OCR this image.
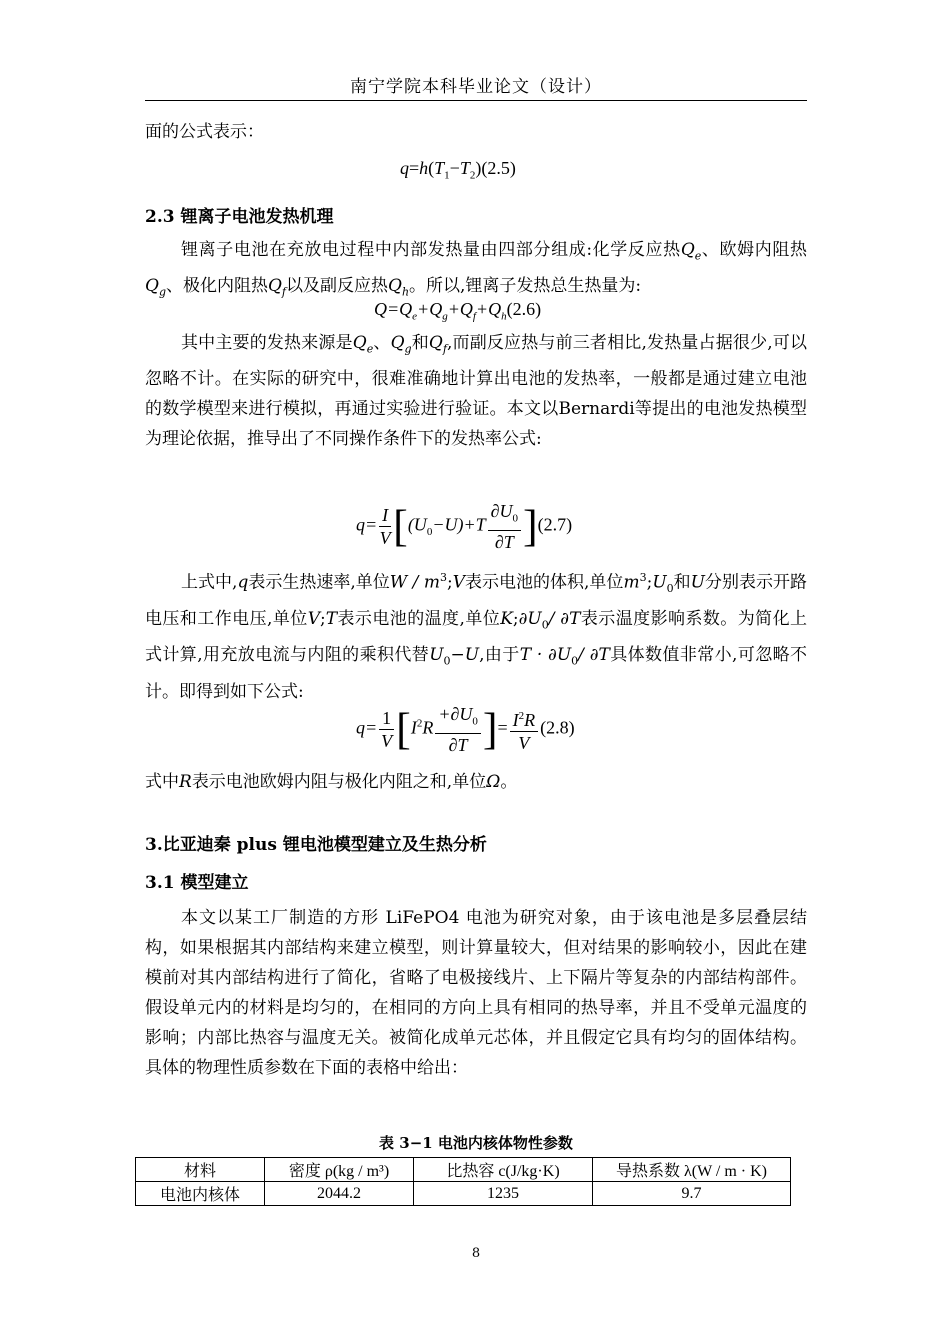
南宁学院本科毕业论文（设计）
面的公式表示：
$q=h(T_1-T_2)(2.5)$
2.3 锂离子电池发热机理
锂离子电池在充放电过程中内部发热量由四部分组成:化学反应热$Q_e$、欧姆内阻热$Q_g$、极化内阻热$Q_f$以及副反应热$Q_h$。所以,锂离子发热总生热量为:
$Q=Q_e+Q_g+Q_f+Q_h(2.6)$
其中主要的发热来源是$Q_e$、$Q_g$和$Q_f$,而副反应热与前三者相比,发热量占据很少,可以忽略不计。在实际的研究中，很难准确地计算出电池的发热率，一般都是通过建立电池的数学模型来进行模拟，再通过实验进行验证。本文以Bernardi等提出的电池发热模型为理论依据，推导出了不同操作条件下的发热率公式:
$q= \frac{I}{V} [(U_0-U)+T \frac{\partial U_0}{\partial T} ](2.7)$
上式中,q表示生热速率,单位W / $m^3;V$表示电池的体积,单位$m^3;U_0$和U分别表示开路电压和工作电压,单位V;T表示电池的温度,单位$K;\partial U_0/$ ∂T表示温度影响系数。为简化上式计算,用充放电流与内阻的乘积代替$U_0-U$,由于$T \cdot \partial U_0/$ ∂T具体数值非常小,可忽略不计。即得到如下公式:
$q= \frac{1}{V} [I^2R \frac{+\partial U_0}{\partial T}$ ]= $\frac{I^2R}{V} (2.8)$
式中R表示电池欧姆内阻与极化内阻之和,单位Ω。
3.比亚迪秦 plus 锂电池模型建立及生热分析
3.1 模型建立
本文以某工厂制造的方形 LiFePO4 电池为研究对象，由于该电池是多层叠层结构，如果根据其内部结构来建立模型，则计算量较大，但对结果的影响较小，因此在建模前对其内部结构进行了简化，省略了电极接线片、上下隔片等复杂的内部结构部件。假设单元内的材料是均匀的，在相同的方向上具有相同的热导率，并且不受单元温度的影响；内部比热容与温度无关。被简化成单元芯体，并且假定它具有均匀的固体结构。具体的物理性质参数在下面的表格中给出：
表 3−1 电池内核体物性参数
材料	密度 ρ(kg / m³)	比热容 c(J/kg·K)	导热系数 λ(W / m · K)
电池内核体	2044.2	1235	9.7
8
